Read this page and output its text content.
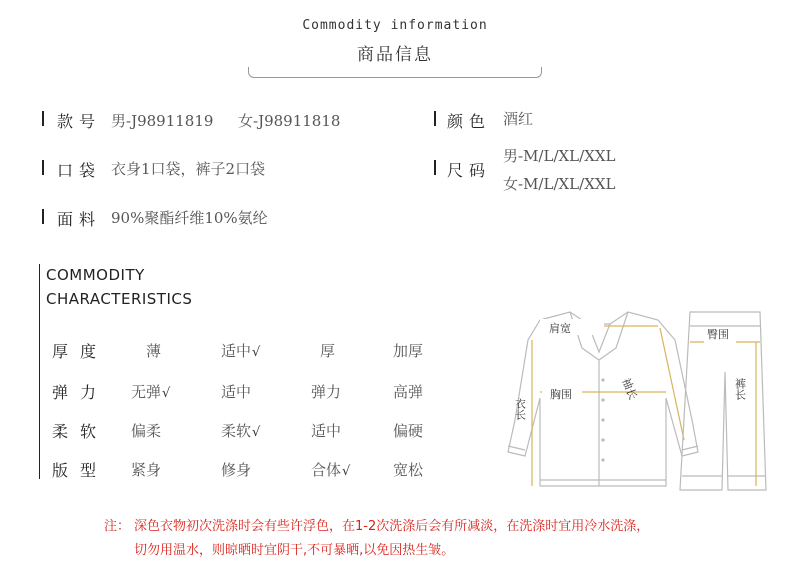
Commodity information
商品信息
款号 男-J98911819 女-J98911818	颜色 酒红
口袋 衣身1口袋，裤子2口袋	尺码
男-M/L/XL/XXL
女-M/L/XL/XXL
面料 90%聚酯纤维10%氨纶
COMMODITY
CHARACTERISTICS
厚度	薄	适中√	厚	加厚
弹力 无弹√	适中	弹力	高弹
柔软 偏柔	柔软√	适中	偏硬
版型 紧身	修身	合体√	宽松
肩宽
胸围
衣长
袖长
臀围
裤长
注： 深色衣物初次洗涤时会有些许浮色，在1-2次洗涤后会有所减淡，在洗涤时宜用冷水洗涤，
切勿用温水，则晾晒时宜阴干,不可暴晒,以免因热生皱。
